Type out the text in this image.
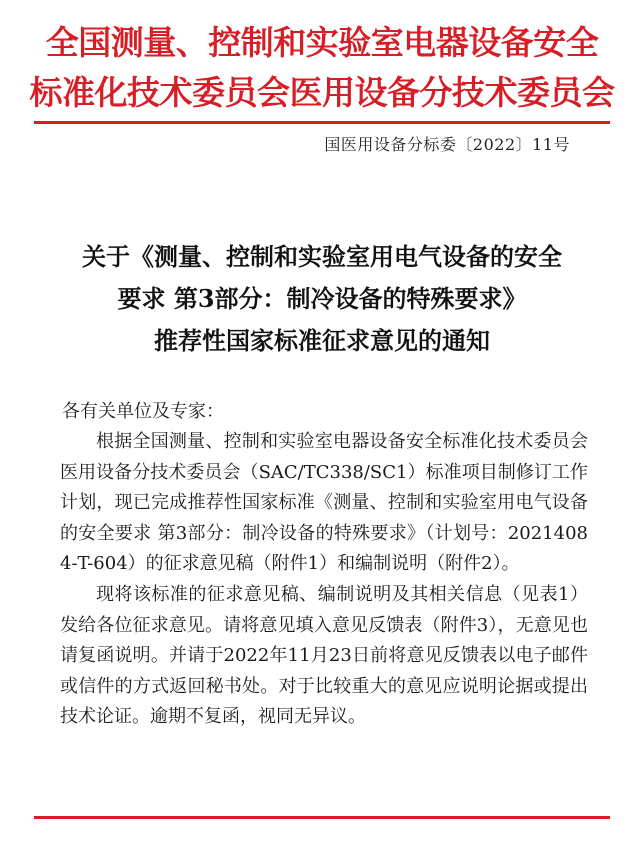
全国测量、控制和实验室电器设备安全
标准化技术委员会医用设备分技术委员会
国医用设备分标委〔2022〕11号
关于《测量、控制和实验室用电气设备的安全
要求 第3部分：制冷设备的特殊要求》
推荐性国家标准征求意见的通知
各有关单位及专家：

根据全国测量、控制和实验室电器设备安全标准化技术委员会医用设备分技术委员会（SAC/TC338/SC1）标准项目制修订工作计划，现已完成推荐性国家标准《测量、控制和实验室用电气设备的安全要求 第3部分：制冷设备的特殊要求》（计划号：20214084-T-604）的征求意见稿（附件1）和编制说明（附件2）。

现将该标准的征求意见稿、编制说明及其相关信息（见表1）发给各位征求意见。请将意见填入意见反馈表（附件3），无意见也请复函说明。并请于2022年11月23日前将意见反馈表以电子邮件或信件的方式返回秘书处。对于比较重大的意见应说明论据或提出技术论证。逾期不复函，视同无异议。
